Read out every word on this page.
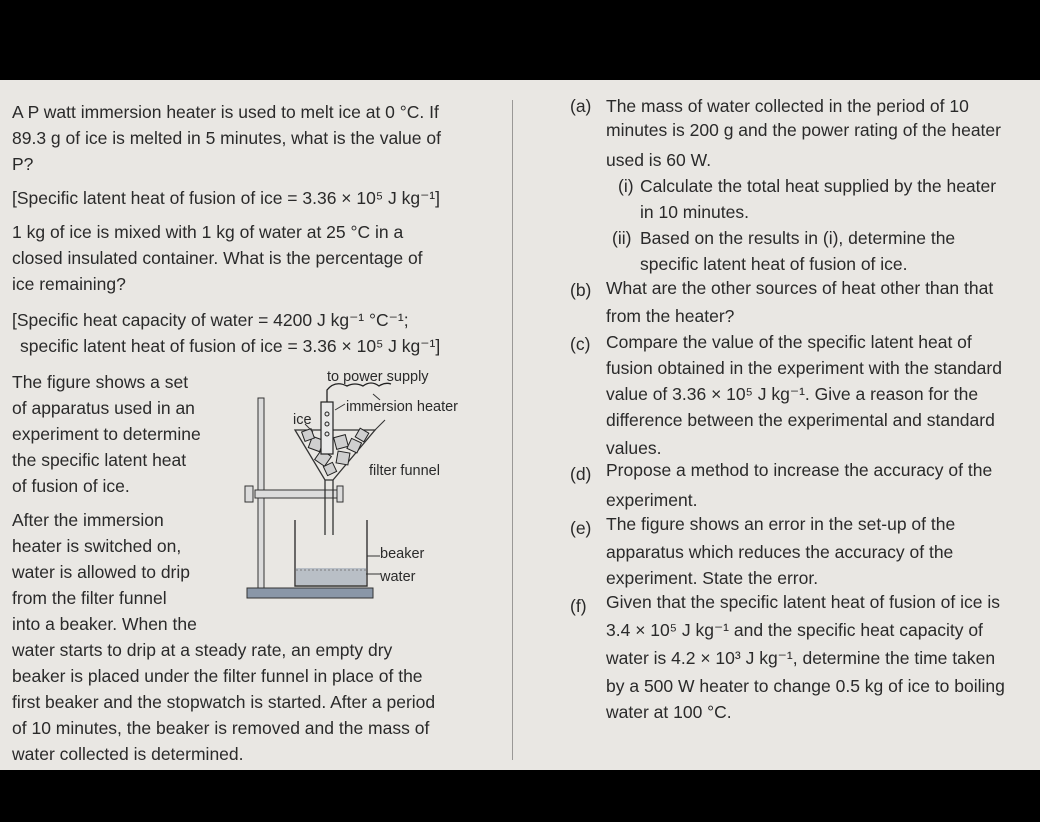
A P watt immersion heater is used to melt ice at 0 °C. If
89.3 g of ice is melted in 5 minutes, what is the value of
P?
[Specific latent heat of fusion of ice = 3.36 × 10⁵ J kg⁻¹]
1 kg of ice is mixed with 1 kg of water at 25 °C in a
closed insulated container. What is the percentage of
ice remaining?
[Specific heat capacity of water = 4200 J kg⁻¹ °C⁻¹;
specific latent heat of fusion of ice = 3.36 × 10⁵ J kg⁻¹]
The figure shows a set
of apparatus used in an
experiment to determine
the specific latent heat
of fusion of ice.
After the immersion
heater is switched on,
water is allowed to drip
from the filter funnel
into a beaker. When the
water starts to drip at a steady rate, an empty dry
beaker is placed under the filter funnel in place of the
first beaker and the stopwatch is started. After a period
of 10 minutes, the beaker is removed and the mass of
water collected is determined.
to power supply
immersion heater
ice
filter funnel
beaker
water
(a) The mass of water collected in the period of 10
minutes is 200 g and the power rating of the heater
used is 60 W.
(i) Calculate the total heat supplied by the heater
in 10 minutes.
(ii) Based on the results in (i), determine the
specific latent heat of fusion of ice.
(b) What are the other sources of heat other than that
from the heater?
(c) Compare the value of the specific latent heat of
fusion obtained in the experiment with the standard
value of 3.36 × 10⁵ J kg⁻¹. Give a reason for the
difference between the experimental and standard
values.
(d) Propose a method to increase the accuracy of the
experiment.
(e) The figure shows an error in the set-up of the
apparatus which reduces the accuracy of the
experiment. State the error.
(f) Given that the specific latent heat of fusion of ice is
3.4 × 10⁵ J kg⁻¹ and the specific heat capacity of
water is 4.2 × 10³ J kg⁻¹, determine the time taken
by a 500 W heater to change 0.5 kg of ice to boiling
water at 100 °C.
